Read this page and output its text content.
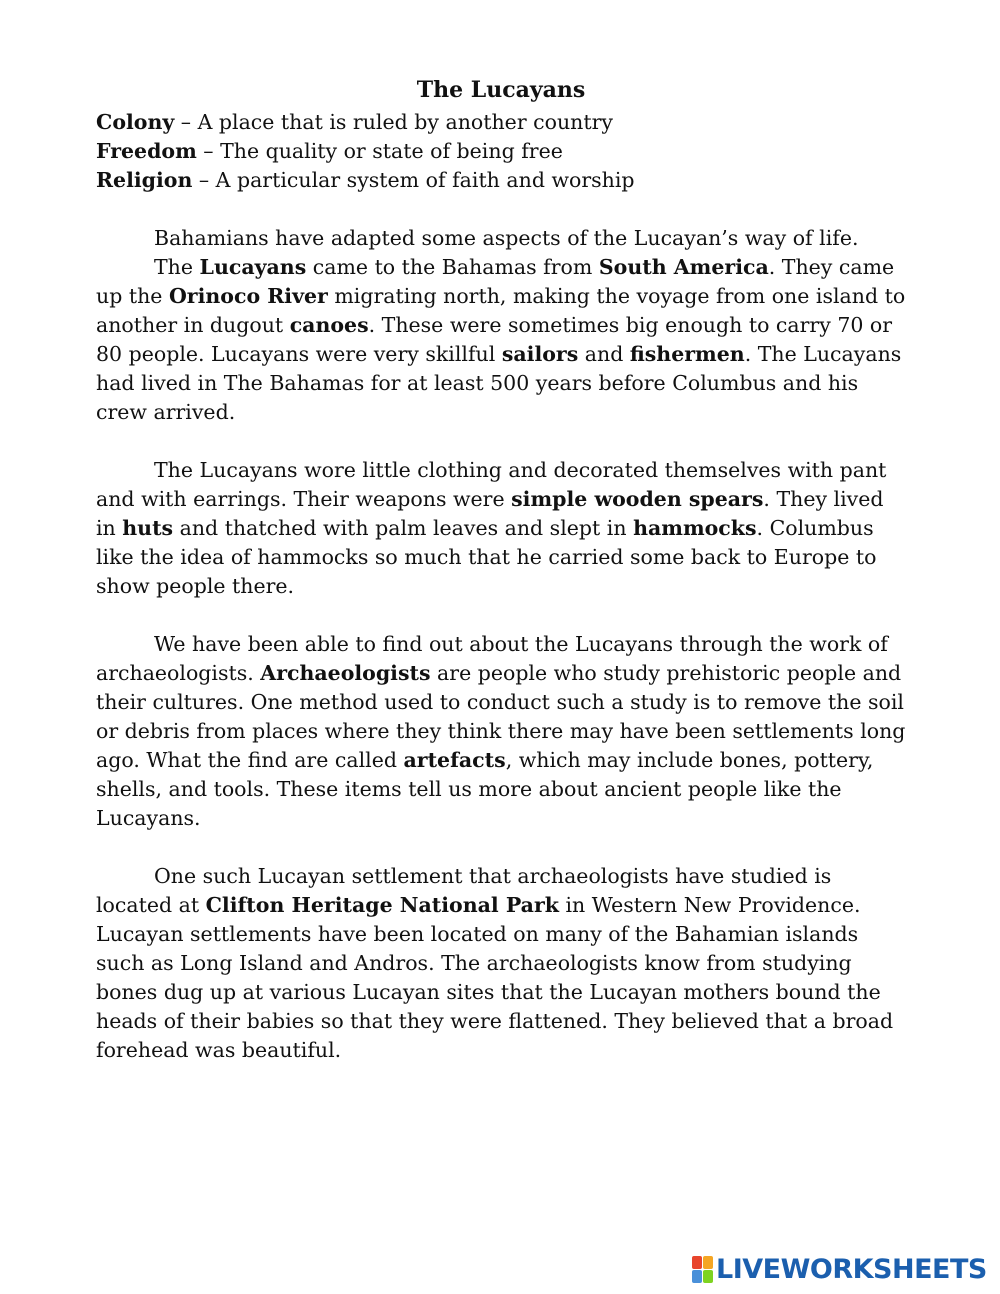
The Lucayans
Colony – A place that is ruled by another country
Freedom – The quality or state of being free
Religion – A particular system of faith and worship

Bahamians have adapted some aspects of the Lucayan’s way of life.

The Lucayans came to the Bahamas from South America. They came up the Orinoco River migrating north, making the voyage from one island to another in dugout canoes. These were sometimes big enough to carry 70 or 80 people. Lucayans were very skillful sailors and fishermen. The Lucayans had lived in The Bahamas for at least 500 years before Columbus and his crew arrived.

The Lucayans wore little clothing and decorated themselves with pant and with earrings. Their weapons were simple wooden spears. They lived in huts and thatched with palm leaves and slept in hammocks. Columbus like the idea of hammocks so much that he carried some back to Europe to show people there.

We have been able to find out about the Lucayans through the work of archaeologists. Archaeologists are people who study prehistoric people and their cultures. One method used to conduct such a study is to remove the soil or debris from places where they think there may have been settlements long ago. What the find are called artefacts, which may include bones, pottery, shells, and tools. These items tell us more about ancient people like the Lucayans.

One such Lucayan settlement that archaeologists have studied is located at Clifton Heritage National Park in Western New Providence. Lucayan settlements have been located on many of the Bahamian islands such as Long Island and Andros. The archaeologists know from studying bones dug up at various Lucayan sites that the Lucayan mothers bound the heads of their babies so that they were flattened. They believed that a broad forehead was beautiful.

LIVEWORKSHEETS
